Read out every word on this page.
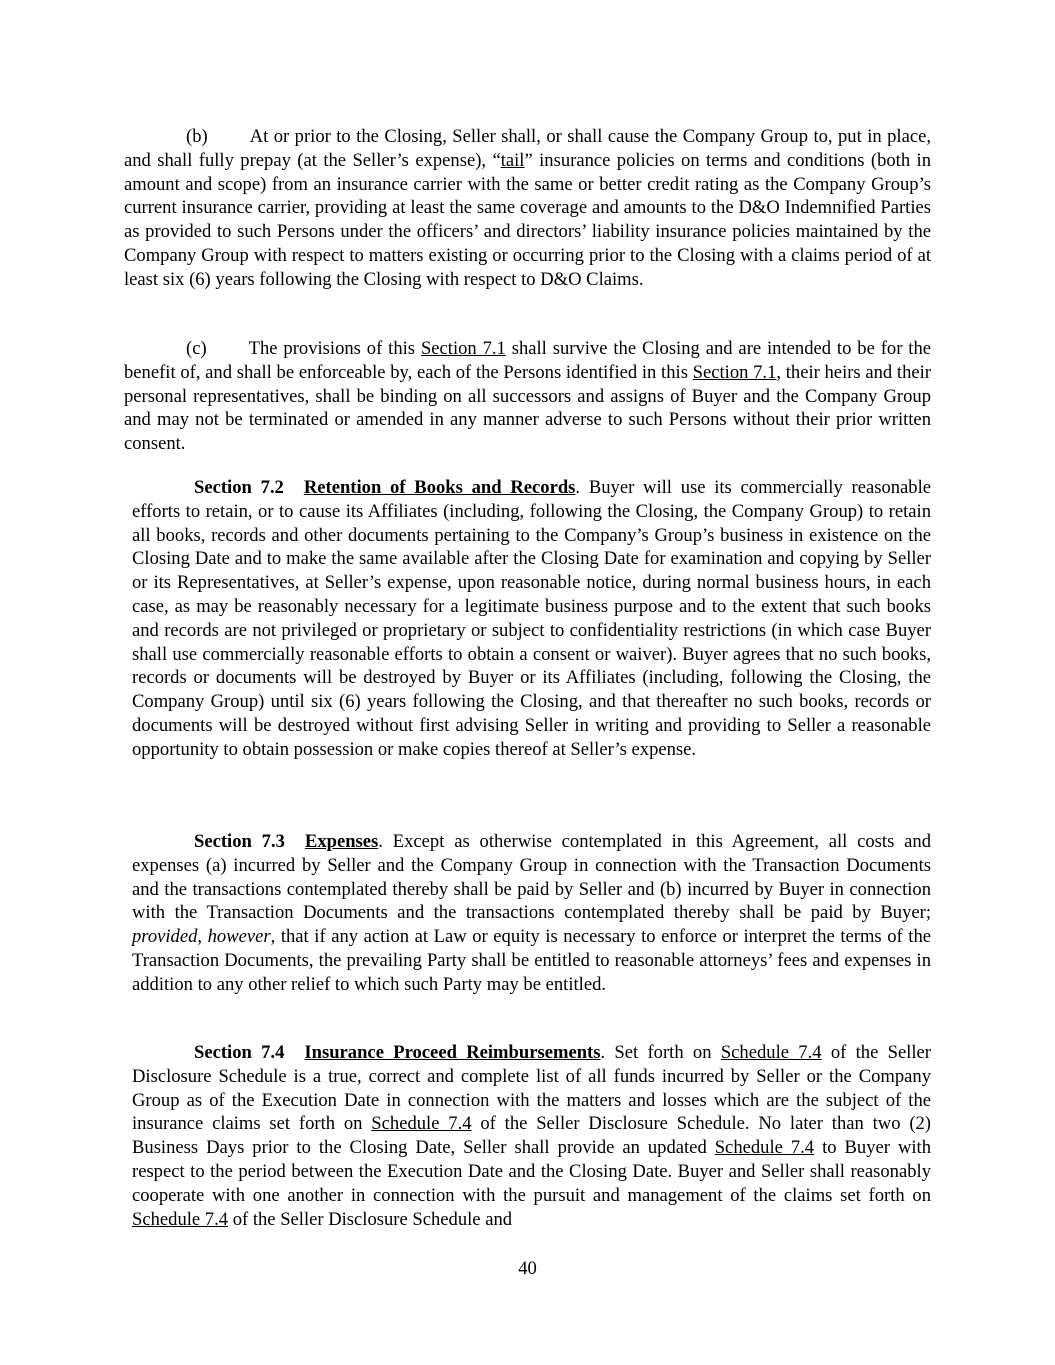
(b) At or prior to the Closing, Seller shall, or shall cause the Company Group to, put in place, and shall fully prepay (at the Seller’s expense), “tail” insurance policies on terms and conditions (both in amount and scope) from an insurance carrier with the same or better credit rating as the Company Group’s current insurance carrier, providing at least the same coverage and amounts to the D&O Indemnified Parties as provided to such Persons under the officers’ and directors’ liability insurance policies maintained by the Company Group with respect to matters existing or occurring prior to the Closing with a claims period of at least six (6) years following the Closing with respect to D&O Claims.

(c) The provisions of this Section 7.1 shall survive the Closing and are intended to be for the benefit of, and shall be enforceable by, each of the Persons identified in this Section 7.1, their heirs and their personal representatives, shall be binding on all successors and assigns of Buyer and the Company Group and may not be terminated or amended in any manner adverse to such Persons without their prior written consent.

Section 7.2 Retention of Books and Records. Buyer will use its commercially reasonable efforts to retain, or to cause its Affiliates (including, following the Closing, the Company Group) to retain all books, records and other documents pertaining to the Company’s Group’s business in existence on the Closing Date and to make the same available after the Closing Date for examination and copying by Seller or its Representatives, at Seller’s expense, upon reasonable notice, during normal business hours, in each case, as may be reasonably necessary for a legitimate business purpose and to the extent that such books and records are not privileged or proprietary or subject to confidentiality restrictions (in which case Buyer shall use commercially reasonable efforts to obtain a consent or waiver). Buyer agrees that no such books, records or documents will be destroyed by Buyer or its Affiliates (including, following the Closing, the Company Group) until six (6) years following the Closing, and that thereafter no such books, records or documents will be destroyed without first advising Seller in writing and providing to Seller a reasonable opportunity to obtain possession or make copies thereof at Seller’s expense.

Section 7.3 Expenses. Except as otherwise contemplated in this Agreement, all costs and expenses (a) incurred by Seller and the Company Group in connection with the Transaction Documents and the transactions contemplated thereby shall be paid by Seller and (b) incurred by Buyer in connection with the Transaction Documents and the transactions contemplated thereby shall be paid by Buyer; provided, however, that if any action at Law or equity is necessary to enforce or interpret the terms of the Transaction Documents, the prevailing Party shall be entitled to reasonable attorneys’ fees and expenses in addition to any other relief to which such Party may be entitled.

Section 7.4 Insurance Proceed Reimbursements. Set forth on Schedule 7.4 of the Seller Disclosure Schedule is a true, correct and complete list of all funds incurred by Seller or the Company Group as of the Execution Date in connection with the matters and losses which are the subject of the insurance claims set forth on Schedule 7.4 of the Seller Disclosure Schedule. No later than two (2) Business Days prior to the Closing Date, Seller shall provide an updated Schedule 7.4 to Buyer with respect to the period between the Execution Date and the Closing Date. Buyer and Seller shall reasonably cooperate with one another in connection with the pursuit and management of the claims set forth on Schedule 7.4 of the Seller Disclosure Schedule and

40
